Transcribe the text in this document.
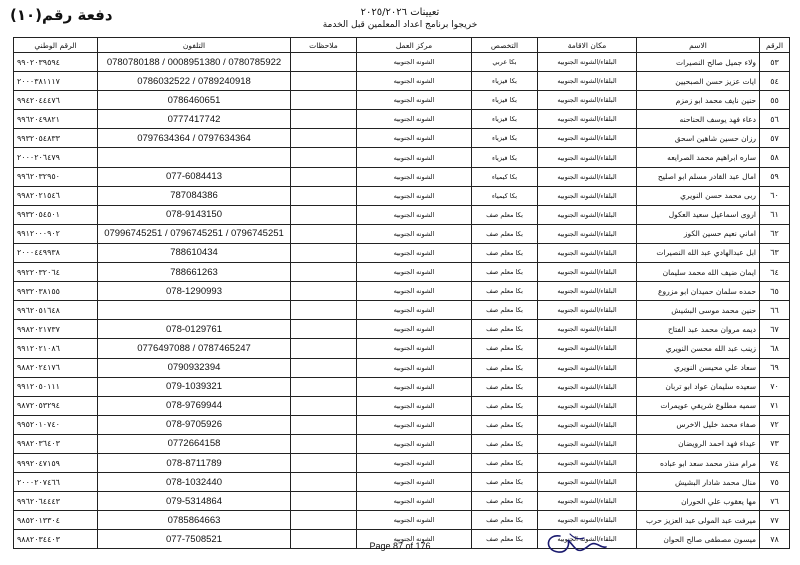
دفعة رقم(١٠)	تعيينات ٢٠٢٥/٢٠٢٦
خريجوا برنامج اعداد المعلمين قبل الخدمة
الرقم	الاسم	مكان الاقامة	التخصص	مركز العمل	ملاحظات	التلفون	الرقم الوطني
٥٣	ولاء جميل صالح النصيرات	البلقاء/الشونه الجنوبيه	بكا عربي	الشونه الجنوبيه		0780780188 / 0008951380 / 0780785922	٩٩٠٢٠٣٩٥٩٤
٥٤	ايات عزيز حسن الصبحيين	البلقاء/الشونه الجنوبيه	بكا فيزياء	الشونه الجنوبيه		0786032522 / 0789240918	٢٠٠٠٣٨١١١٧
٥٥	حنين نايف محمد ابو زمزم	البلقاء/الشونه الجنوبيه	بكا فيزياء	الشونه الجنوبيه		0786460651	٩٩٤٢٠٤٤٤٧٦
٥٦	دعاء فهد يوسف الحناحنه	البلقاء/الشونه الجنوبيه	بكا فيزياء	الشونه الجنوبيه		0777417742	٩٩٦٢٠٤٩٨٢١
٥٧	رزان حسين شاهين اسحق	البلقاء/الشونه الجنوبيه	بكا فيزياء	الشونه الجنوبيه		0797634364 / 0797634364	٩٩٣٢٠٥٤٨٣٣
٥٨	ساره ابراهيم محمد الصرايعه	البلقاء/الشونه الجنوبيه	بكا فيزياء	الشونه الجنوبيه			٢٠٠٠٢٠٦٤٧٩
٥٩	امال عبد القادر مسلم ابو اصليح	البلقاء/الشونه الجنوبيه	بكا كيمياء	الشونه الجنوبيه		077-6084413	٩٩٦٢٠٣٢٩٥٠
٦٠	ربى محمد حسن النويري	البلقاء/الشونه الجنوبيه	بكا كيمياء	الشونه الجنوبيه		787084386	٩٩٨٢٠٢١٥٤٦
٦١	اروى اسماعيل سعيد العكول	البلقاء/الشونه الجنوبيه	بكا معلم صف	الشونه الجنوبيه		078-9143150	٩٩٣٢٠٥٤٥٠١
٦٢	اماني نعيم حسين الكوز	البلقاء/الشونه الجنوبيه	بكا معلم صف	الشونه الجنوبيه		07996745251 / 0796745251 / 0796745251	٩٩١٢٠٠٠٩٠٢
٦٣	ابل عبدالهادي عبد الله النصيرات	البلقاء/الشونه الجنوبيه	بكا معلم صف	الشونه الجنوبيه		788610434	٢٠٠٠٤٤٩٩٣٨
٦٤	ايمان ضيف الله محمد سليمان	البلقاء/الشونه الجنوبيه	بكا معلم صف	الشونه الجنوبيه		788661263	٩٩٢٢٠٣٢٠٦٤
٦٥	حمده سلمان حميدان ابو مزروع	البلقاء/الشونه الجنوبيه	بكا معلم صف	الشونه الجنوبيه		078-1290993	٩٩٣٢٠٣٨١٥٥
٦٦	حنين محمد موسى البشيش	البلقاء/الشونه الجنوبيه	بكا معلم صف	الشونه الجنوبيه			٩٩٦٢٠٥١٦٤٨
٦٧	ديمه مروان محمد عبد الفتاح	البلقاء/الشونه الجنوبيه	بكا معلم صف	الشونه الجنوبيه		078-0129761	٩٩٨٢٠٢١٧٣٧
٦٨	زينب عبد الله محسن النويري	البلقاء/الشونه الجنوبيه	بكا معلم صف	الشونه الجنوبيه		0776497088 / 0787465247	٩٩١٢٠٢١٠٨٦
٦٩	سعاد علي محيسن النويري	البلقاء/الشونه الجنوبيه	بكا معلم صف	الشونه الجنوبيه		0790932394	٩٨٨٢٠٢٤١٧٦
٧٠	سعيده سليمان عواد ابو تربان	البلقاء/الشونه الجنوبيه	بكا معلم صف	الشونه الجنوبيه		079-1039321	٩٩١٢٠٥٠١١١
٧١	سميه مطلوع شريقي عويمرات	البلقاء/الشونه الجنوبيه	بكا معلم صف	الشونه الجنوبيه		078-9769944	٩٨٧٢٠٥٣٢٩٤
٧٢	صفاء محمد خليل الاخرس	البلقاء/الشونه الجنوبيه	بكا معلم صف	الشونه الجنوبيه		078-9705926	٩٩٥٢٠١٠٧٤٠
٧٣	عيداء فهد احمد الرويضان	البلقاء/الشونه الجنوبيه	بكا معلم صف	الشونه الجنوبيه		0772664158	٩٩٨٢٠٣٦٤٠٣
٧٤	مرام منذر محمد سعد ابو عباده	البلقاء/الشونه الجنوبيه	بكا معلم صف	الشونه الجنوبيه		078-8711789	٩٩٩٢٠٤٧١٥٩
٧٥	منال محمد شادار البشيش	البلقاء/الشونه الجنوبيه	بكا معلم صف	الشونه الجنوبيه		078-1032440	٢٠٠٠٢٠٧٤٦٦
٧٦	مها يعقوب علي الحوران	البلقاء/الشونه الجنوبيه	بكا معلم صف	الشونه الجنوبيه		079-5314864	٩٩٦٢٠٦٤٤٤٣
٧٧	ميرفت عبد المولى عبد العزيز حرب	البلقاء/الشونه الجنوبيه	بكا معلم صف	الشونه الجنوبيه		0785864663	٩٨٥٢٠١٣٣٠٤
٧٨	ميسون مصطفى صالح الحوان	البلقاء/الشونه الجنوبيه	بكا معلم صف	الشونه الجنوبيه		077-7508521	٩٨٨٢٠٣٤٤٠٣
Page 87 of 176
